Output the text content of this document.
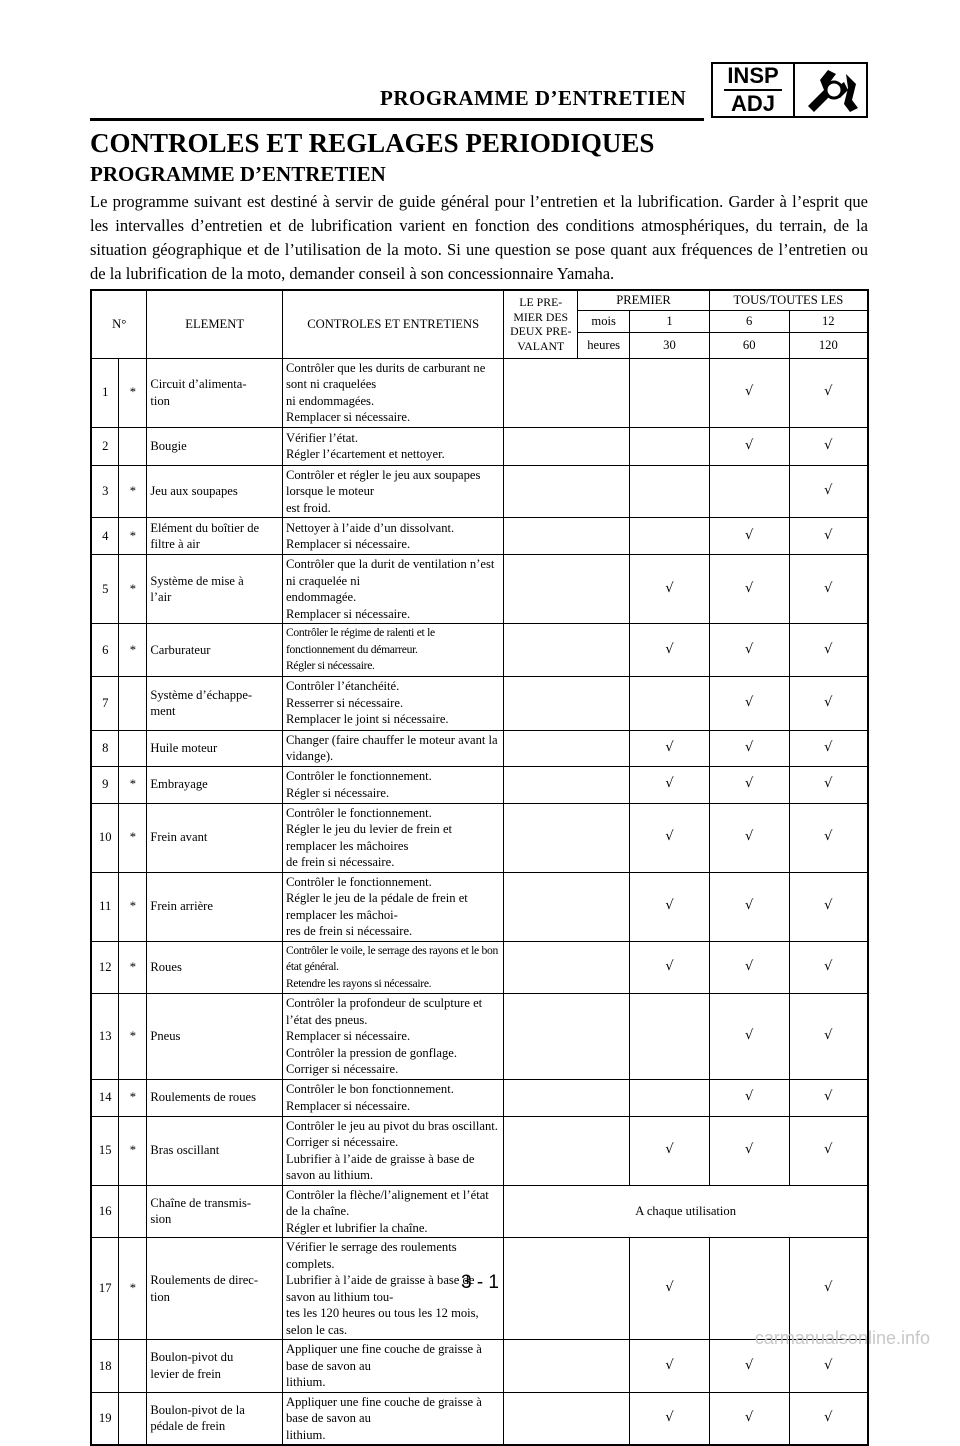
PROGRAMME D’ENTRETIEN
INSP
ADJ
CONTROLES ET REGLAGES PERIODIQUES
PROGRAMME D’ENTRETIEN

Le programme suivant est destiné à servir de guide général pour l’entretien et la lubrification. Garder à l’esprit que les intervalles d’entretien et de lubrification varient en fonction des conditions atmosphériques, du terrain, de la situation géographique et de l’utilisation de la moto. Si une question se pose quant aux fréquences de l’entretien ou de la lubrification de la moto, demander conseil à son concessionnaire Yamaha.

N°		ELEMENT	CONTROLES ET ENTRETIENS	LE PRE-MIER DES DEUX PRE-VALANT	PREMIER		TOUS/TOUTES LES	
					mois	1	6	12
					heures	30	60	120
1	*	Circuit d’alimenta-
tion	Contrôler que les durits de carburant ne sont ni craquelées
ni endommagées.
Remplacer si nécessaire.				√	√
2		Bougie	Vérifier l’état.
Régler l’écartement et nettoyer.				√	√
3	*	Jeu aux soupapes	Contrôler et régler le jeu aux soupapes lorsque le moteur
est froid.					√
4	*	Elément du boîtier de
filtre à air	Nettoyer à l’aide d’un dissolvant.
Remplacer si nécessaire.				√	√
5	*	Système de mise à
l’air	Contrôler que la durit de ventilation n’est ni craquelée ni
endommagée.
Remplacer si nécessaire.			√	√	√
6	*	Carburateur	Contrôler le régime de ralenti et le fonctionnement du démarreur.
Régler si nécessaire.			√	√	√
7		Système d’échappe-
ment	Contrôler l’étanchéité.
Resserrer si nécessaire.
Remplacer le joint si nécessaire.				√	√
8		Huile moteur	Changer (faire chauffer le moteur avant la vidange).			√	√	√
9	*	Embrayage	Contrôler le fonctionnement.
Régler si nécessaire.			√	√	√
10	*	Frein avant	Contrôler le fonctionnement.
Régler le jeu du levier de frein et remplacer les mâchoires
de frein si nécessaire.			√	√	√
11	*	Frein arrière	Contrôler le fonctionnement.
Régler le jeu de la pédale de frein et remplacer les mâchoi-
res de frein si nécessaire.			√	√	√
12	*	Roues	Contrôler le voile, le serrage des rayons et le bon état général.
Retendre les rayons si nécessaire.			√	√	√
13	*	Pneus	Contrôler la profondeur de sculpture et l’état des pneus.
Remplacer si nécessaire.
Contrôler la pression de gonflage.
Corriger si nécessaire.				√	√
14	*	Roulements de roues	Contrôler le bon fonctionnement.
Remplacer si nécessaire.				√	√
15	*	Bras oscillant	Contrôler le jeu au pivot du bras oscillant.
Corriger si nécessaire.
Lubrifier à l’aide de graisse à base de savon au lithium.			√	√	√
16		Chaîne de transmis-
sion	Contrôler la flèche/l’alignement et l’état de la chaîne.
Régler et lubrifier la chaîne.	A chaque utilisation				
17	*	Roulements de direc-
tion	Vérifier le serrage des roulements complets.
Lubrifier à l’aide de graisse à base de savon au lithium tou-
tes les 120 heures ou tous les 12 mois, selon le cas.			√		√
18		Boulon-pivot du
levier de frein	Appliquer une fine couche de graisse à base de savon au
lithium.			√	√	√
19		Boulon-pivot de la
pédale de frein	Appliquer une fine couche de graisse à base de savon au
lithium.			√	√	√
3 - 1
carmanualsonline.info
